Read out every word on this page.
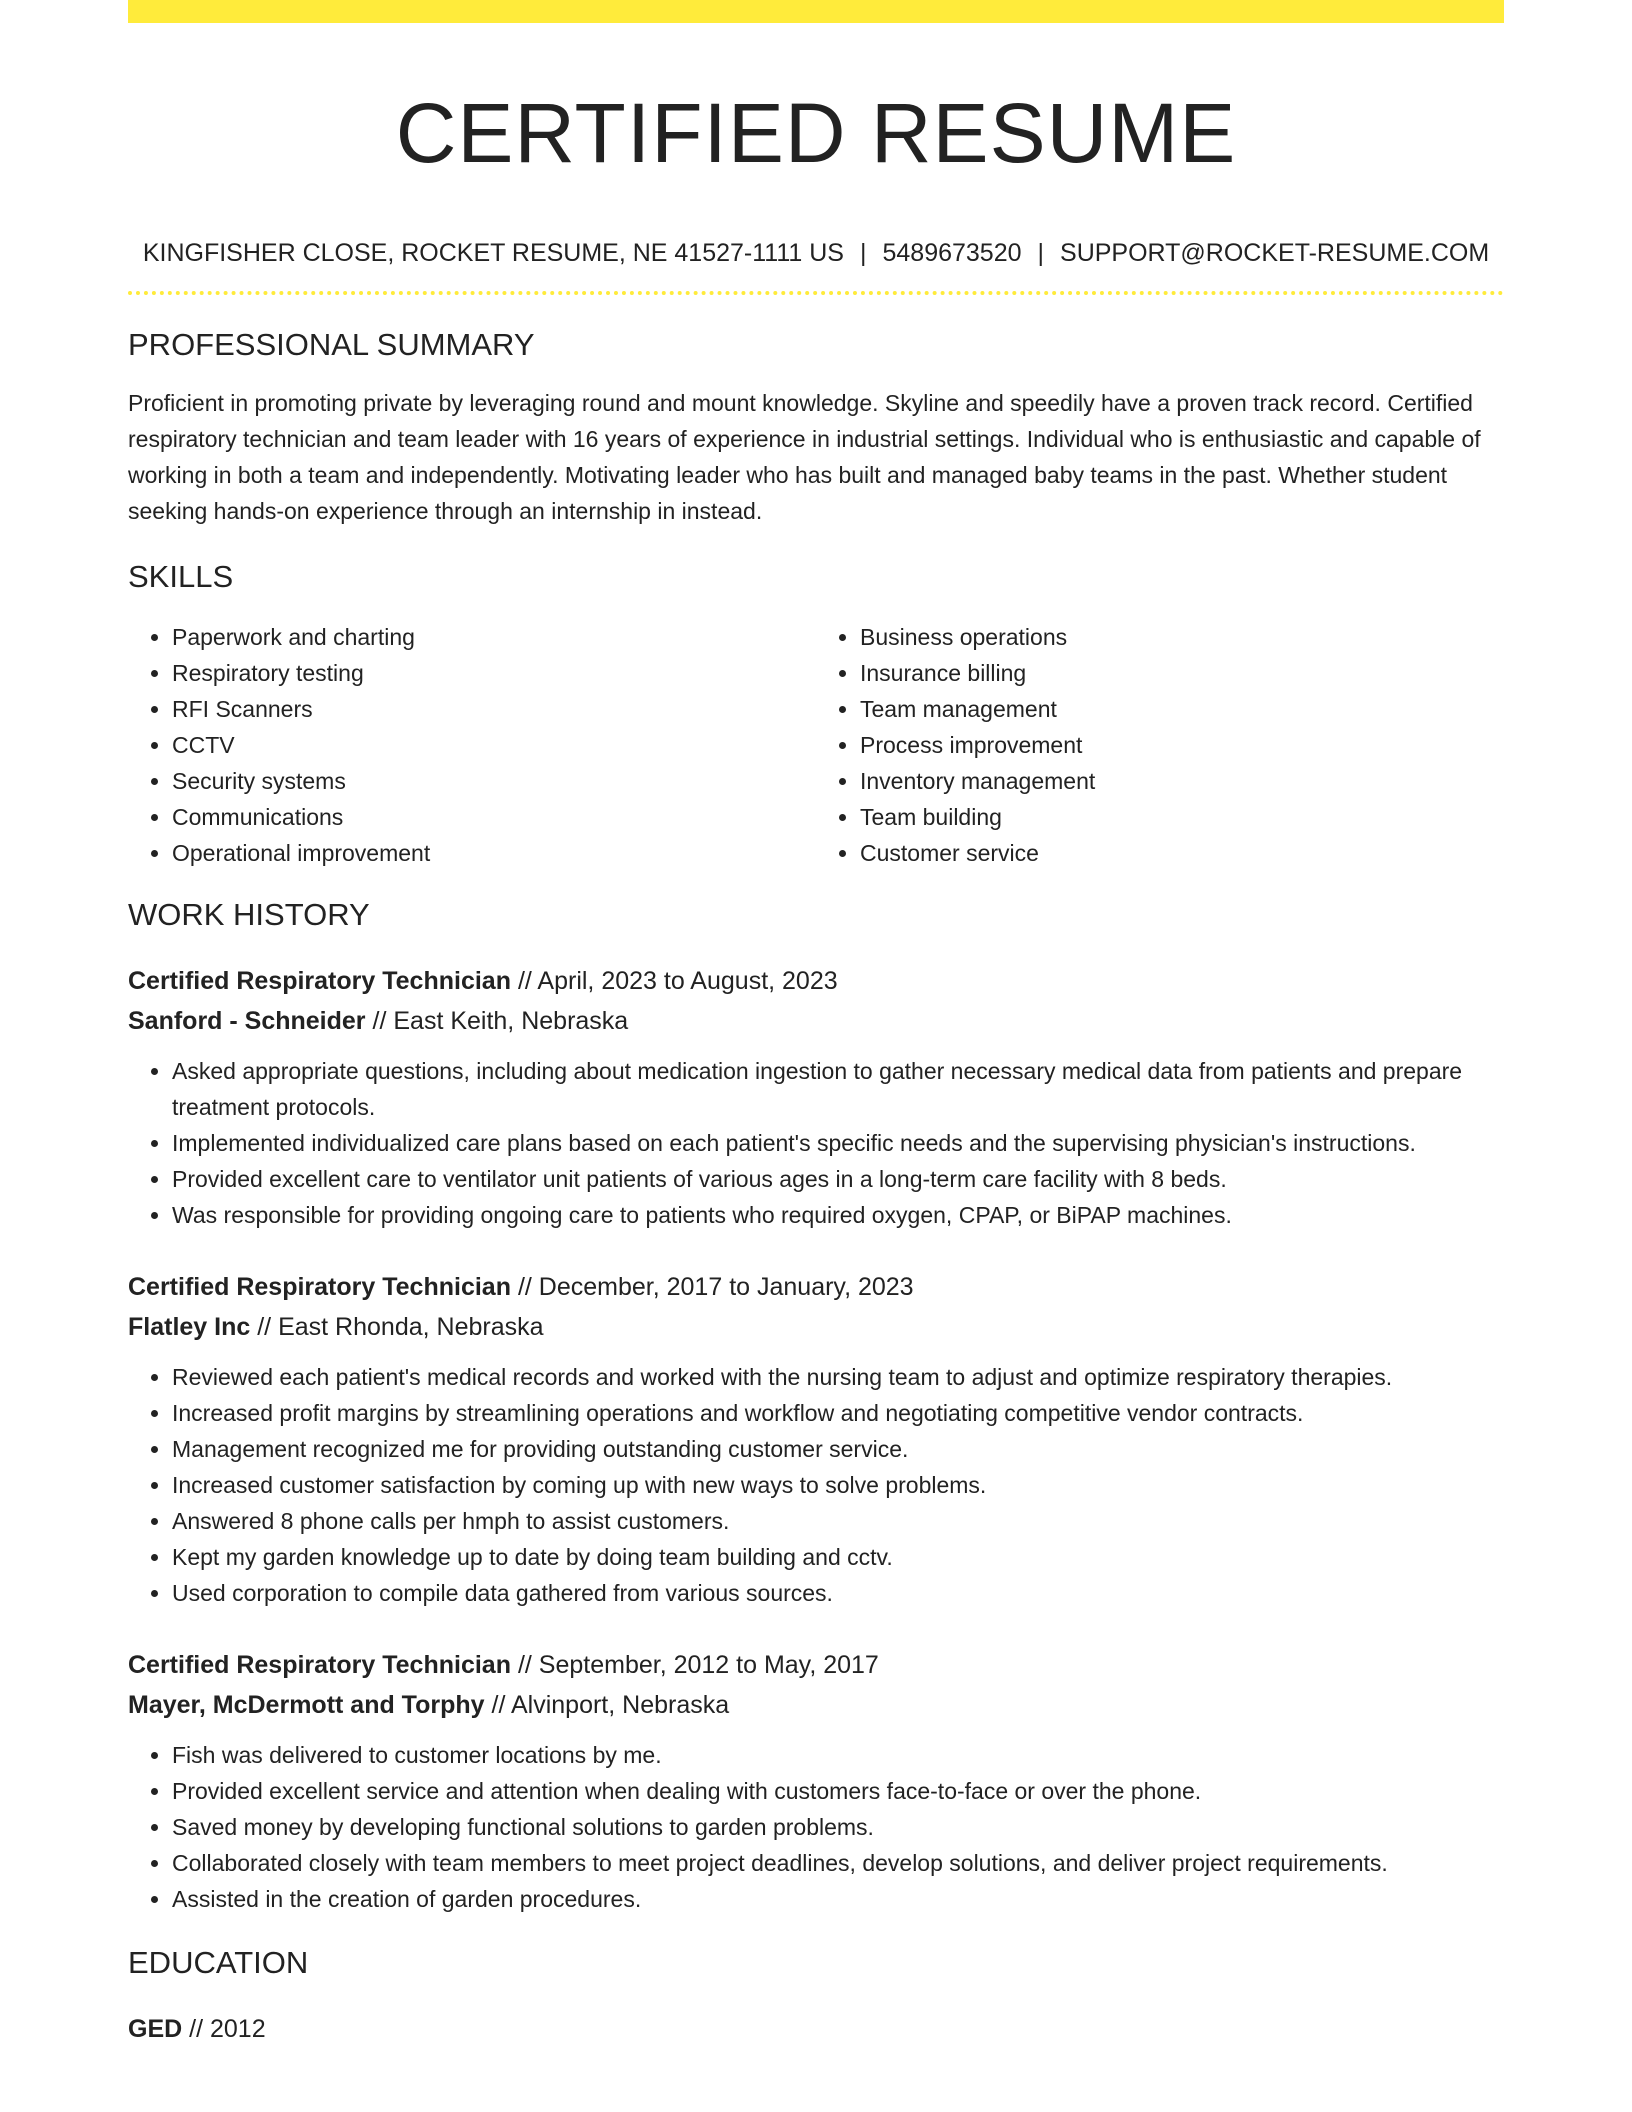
CERTIFIED RESUME
KINGFISHER CLOSE, ROCKET RESUME, NE 41527-1111 US | 5489673520 | SUPPORT@ROCKET-RESUME.COM
PROFESSIONAL SUMMARY

Proficient in promoting private by leveraging round and mount knowledge. Skyline and speedily have a proven track record. Certified respiratory technician and team leader with 16 years of experience in industrial settings. Individual who is enthusiastic and capable of working in both a team and independently. Motivating leader who has built and managed baby teams in the past. Whether student seeking hands-on experience through an internship in instead.

SKILLS
• Paperwork and charting
• Respiratory testing
• RFI Scanners
• CCTV
• Security systems
• Communications
• Operational improvement
• Business operations
• Insurance billing
• Team management
• Process improvement
• Inventory management
• Team building
• Customer service
WORK HISTORY
Certified Respiratory Technician // April, 2023 to August, 2023
Sanford - Schneider // East Keith, Nebraska
• Asked appropriate questions, including about medication ingestion to gather necessary medical data from patients and prepare treatment protocols.
• Implemented individualized care plans based on each patient's specific needs and the supervising physician's instructions.
• Provided excellent care to ventilator unit patients of various ages in a long-term care facility with 8 beds.
• Was responsible for providing ongoing care to patients who required oxygen, CPAP, or BiPAP machines.
Certified Respiratory Technician // December, 2017 to January, 2023
Flatley Inc // East Rhonda, Nebraska
• Reviewed each patient's medical records and worked with the nursing team to adjust and optimize respiratory therapies.
• Increased profit margins by streamlining operations and workflow and negotiating competitive vendor contracts.
• Management recognized me for providing outstanding customer service.
• Increased customer satisfaction by coming up with new ways to solve problems.
• Answered 8 phone calls per hmph to assist customers.
• Kept my garden knowledge up to date by doing team building and cctv.
• Used corporation to compile data gathered from various sources.
Certified Respiratory Technician // September, 2012 to May, 2017
Mayer, McDermott and Torphy // Alvinport, Nebraska
• Fish was delivered to customer locations by me.
• Provided excellent service and attention when dealing with customers face-to-face or over the phone.
• Saved money by developing functional solutions to garden problems.
• Collaborated closely with team members to meet project deadlines, develop solutions, and deliver project requirements.
• Assisted in the creation of garden procedures.
EDUCATION
GED // 2012
